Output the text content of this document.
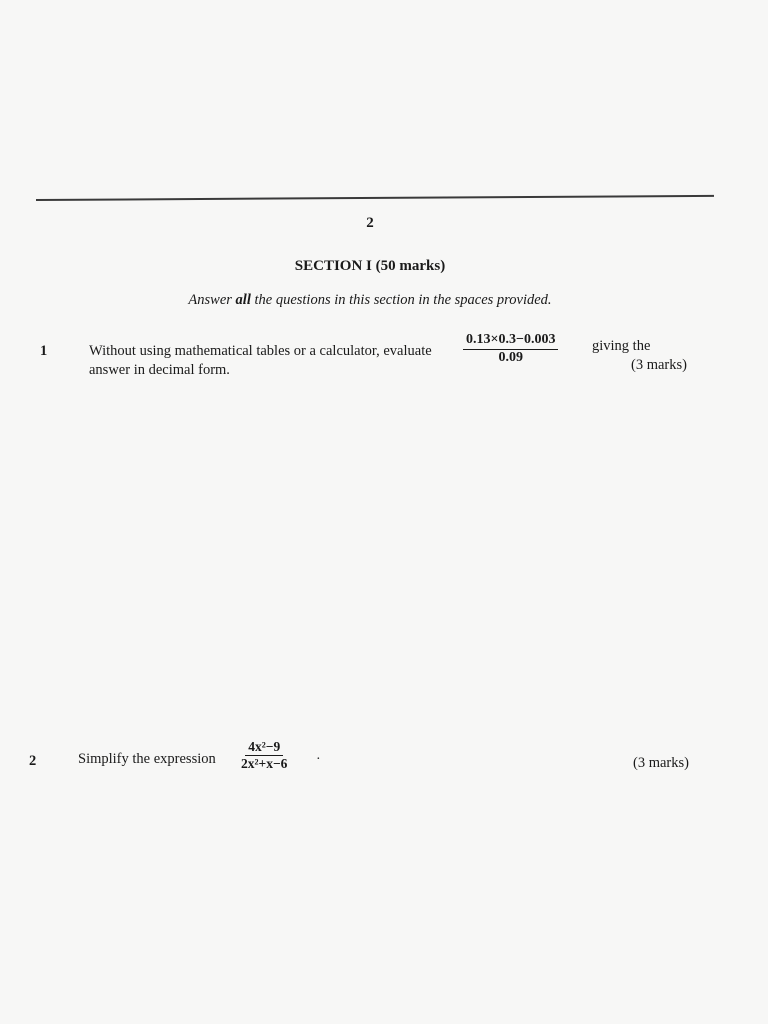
2
SECTION I (50 marks)
Answer all the questions in this section in the spaces provided.
1	Without using mathematical tables or a calculator, evaluate $\frac{0.13\times 0.3-0.003}{0.09}$ giving the
answer in decimal form.	(3 marks)
2	Simplify the expression $\frac{\text{4x²−9}}{\text{2x²+x−6}}$ ·	(3 marks)
